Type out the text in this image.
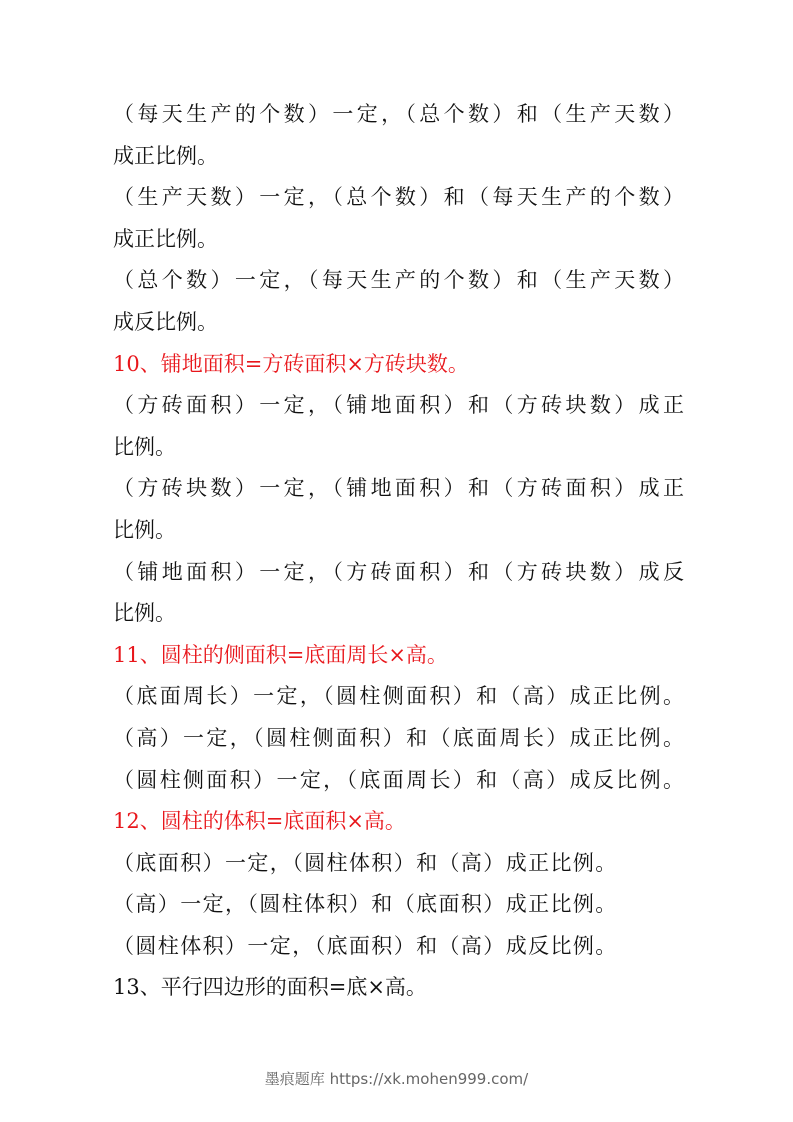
（每天生产的个数）一定，（总个数）和（生产天数）
成正比例。
（生产天数）一定，（总个数）和（每天生产的个数）
成正比例。
（总个数）一定，（每天生产的个数）和（生产天数）
成反比例。
10、铺地面积=方砖面积×方砖块数。
（方砖面积）一定，（铺地面积）和（方砖块数）成正
比例。
（方砖块数）一定，（铺地面积）和（方砖面积）成正
比例。
（铺地面积）一定，（方砖面积）和（方砖块数）成反
比例。
11、圆柱的侧面积=底面周长×高。
（底面周长）一定，（圆柱侧面积）和（高）成正比例。
（高）一定，（圆柱侧面积）和（底面周长）成正比例。
（圆柱侧面积）一定，（底面周长）和（高）成反比例。
12、圆柱的体积=底面积×高。
（底面积）一定，（圆柱体积）和（高）成正比例。
（高）一定，（圆柱体积）和（底面积）成正比例。
（圆柱体积）一定，（底面积）和（高）成反比例。
13、平行四边形的面积=底×高。
墨痕题库 https://xk.mohen999.com/
